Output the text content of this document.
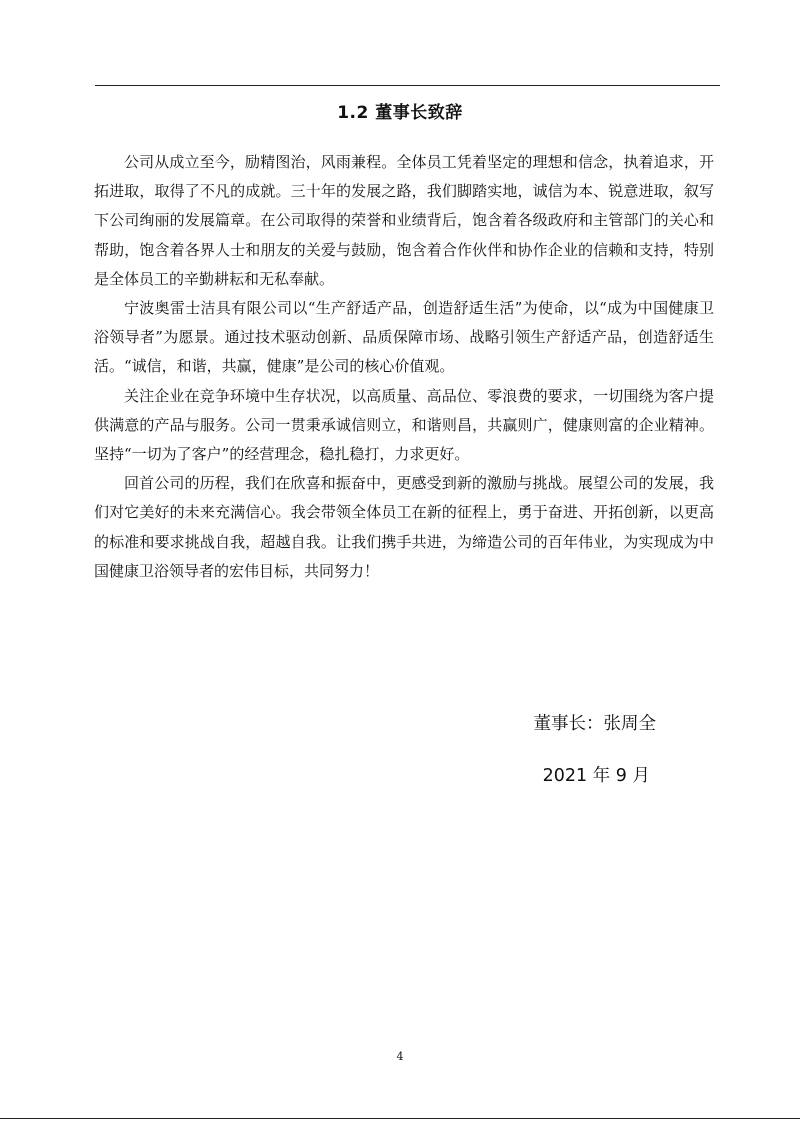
1.2 董事长致辞

公司从成立至今，励精图治，风雨兼程。全体员工凭着坚定的理想和信念，执着追求，开拓进取，取得了不凡的成就。三十年的发展之路，我们脚踏实地，诚信为本、锐意进取，叙写下公司绚丽的发展篇章。在公司取得的荣誉和业绩背后，饱含着各级政府和主管部门的关心和帮助，饱含着各界人士和朋友的关爱与鼓励，饱含着合作伙伴和协作企业的信赖和支持，特别是全体员工的辛勤耕耘和无私奉献。

宁波奥雷士洁具有限公司以“生产舒适产品，创造舒适生活”为使命，以“成为中国健康卫浴领导者”为愿景。通过技术驱动创新、品质保障市场、战略引领生产舒适产品，创造舒适生活。“诚信，和谐，共赢，健康”是公司的核心价值观。

关注企业在竞争环境中生存状况，以高质量、高品位、零浪费的要求，一切围绕为客户提供满意的产品与服务。公司一贯秉承诚信则立，和谐则昌，共赢则广，健康则富的企业精神。坚持“一切为了客户”的经营理念，稳扎稳打，力求更好。

回首公司的历程，我们在欣喜和振奋中，更感受到新的激励与挑战。展望公司的发展，我们对它美好的未来充满信心。我会带领全体员工在新的征程上，勇于奋进、开拓创新，以更高的标准和要求挑战自我，超越自我。让我们携手共进，为缔造公司的百年伟业，为实现成为中国健康卫浴领导者的宏伟目标，共同努力！

董事长：张周全
2021 年 9 月
4
